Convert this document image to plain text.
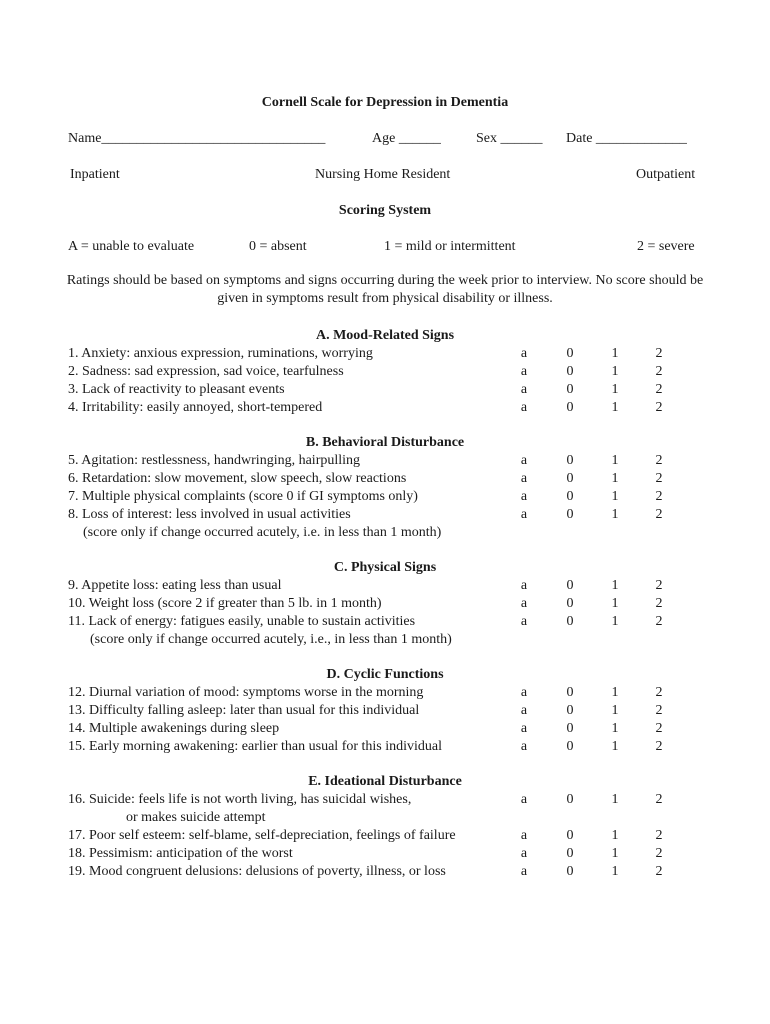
Cornell Scale for Depression in Dementia
Name________________________________	Age ______	Sex ______ Date _____________
Inpatient	Nursing Home Resident	Outpatient
Scoring System
A = unable to evaluate	0 = absent	1 = mild or intermittent	2 = severe
Ratings should be based on symptoms and signs occurring during the week prior to interview. No score should be given in symptoms result from physical disability or illness.
A. Mood-Related Signs
1. Anxiety: anxious expression, ruminations, worrying	a	0	1	2
2. Sadness: sad expression, sad voice, tearfulness	a	0	1	2
3. Lack of reactivity to pleasant events	a	0	1	2
4. Irritability: easily annoyed, short-tempered	a	0	1	2
B. Behavioral Disturbance
5. Agitation: restlessness, handwringing, hairpulling	a	0	1	2
6. Retardation: slow movement, slow speech, slow reactions	a	0	1	2
7. Multiple physical complaints (score 0 if GI symptoms only)	a	0	1	2
8. Loss of interest: less involved in usual activities	a	0	1	2
(score only if change occurred acutely, i.e. in less than 1 month)
C. Physical Signs
9. Appetite loss: eating less than usual	a	0	1	2
10. Weight loss (score 2 if greater than 5 lb. in 1 month)	a	0	1	2
11. Lack of energy: fatigues easily, unable to sustain activities	a	0	1	2
(score only if change occurred acutely, i.e., in less than 1 month)
D. Cyclic Functions
12. Diurnal variation of mood: symptoms worse in the morning	a	0	1	2
13. Difficulty falling asleep: later than usual for this individual	a	0	1	2
14. Multiple awakenings during sleep	a	0	1	2
15. Early morning awakening: earlier than usual for this individual	a	0	1	2
E. Ideational Disturbance
16. Suicide: feels life is not worth living, has suicidal wishes,	a	0	1	2
or makes suicide attempt
17. Poor self esteem: self-blame, self-depreciation, feelings of failure	a	0	1	2
18. Pessimism: anticipation of the worst	a	0	1	2
19. Mood congruent delusions: delusions of poverty, illness, or loss	a	0	1	2
